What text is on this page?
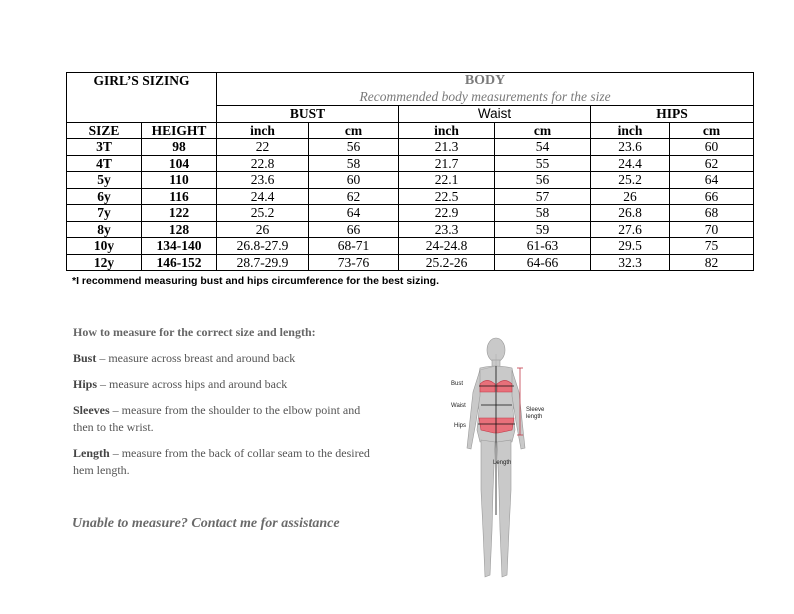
GIRL’S SIZING		BODY
Recommended body measurements for the size					

		BUST		Waist		HIPS	
SIZE	HEIGHT	inch	cm	inch	cm	inch	cm
3T	98	22	56	21.3	54	23.6	60
4T	104	22.8	58	21.7	55	24.4	62
5y	110	23.6	60	22.1	56	25.2	64
6y	116	24.4	62	22.5	57	26	66
7y	122	25.2	64	22.9	58	26.8	68
8y	128	26	66	23.3	59	27.6	70
10y	134-140	26.8-27.9	68-71	24-24.8	61-63	29.5	75
12y	146-152	28.7-29.9	73-76	25.2-26	64-66	32.3	82
*I recommend measuring bust and hips circumference for the best sizing.
How to measure for the correct size and length:
Bust – measure across breast and around back
Hips – measure across hips and around back
Sleeves – measure from the shoulder to the elbow point and then to the wrist.
Length – measure from the back of collar seam to the desired hem length.
Unable to measure? Contact me for assistance
Bust
Waist
Hips
Sleeve
length
Length
